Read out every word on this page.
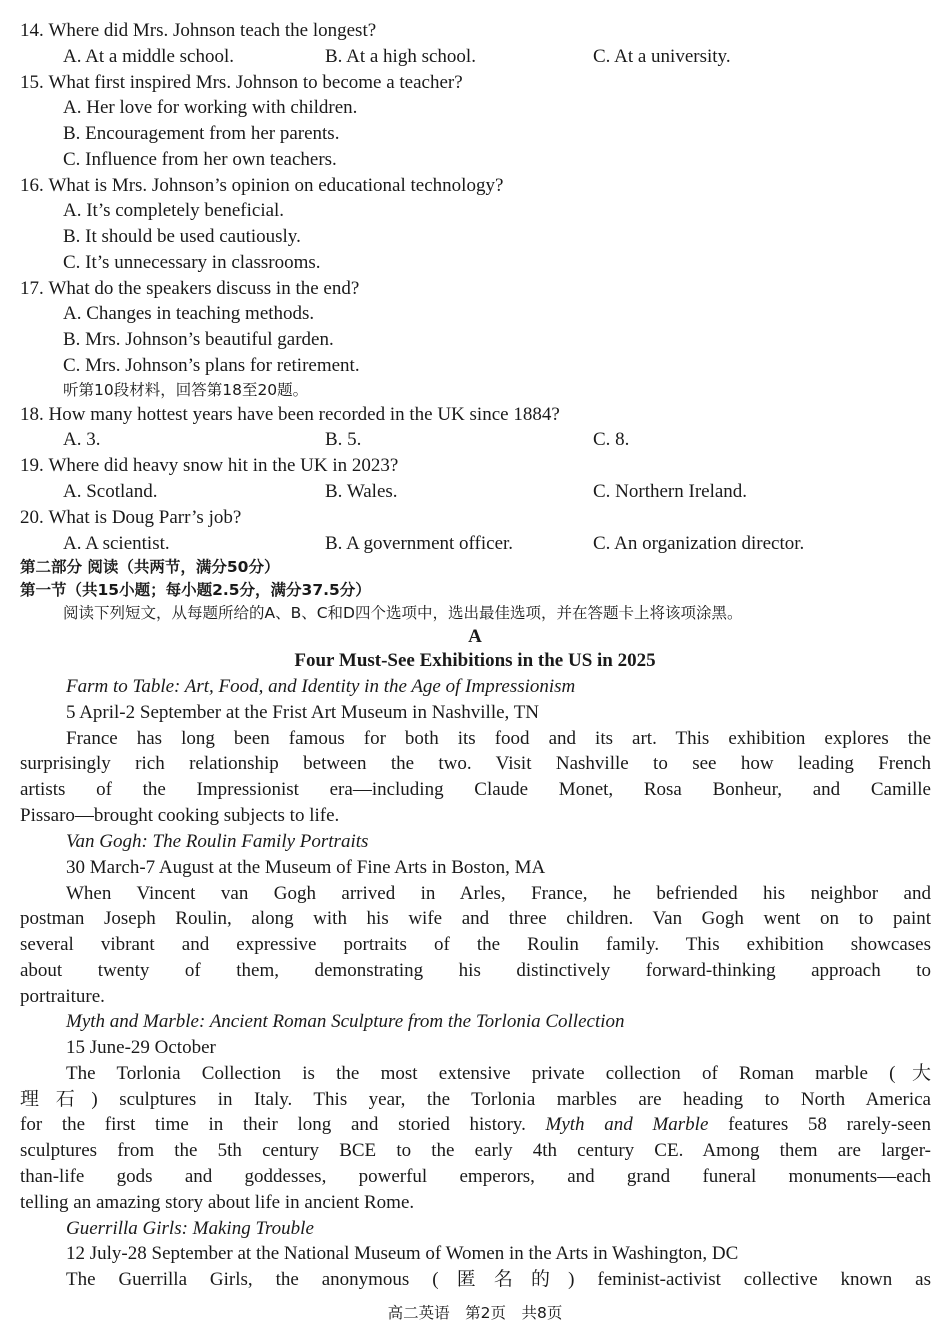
14. Where did Mrs. Johnson teach the longest?
A. At a middle school.	B. At a high school.	C. At a university.
15. What first inspired Mrs. Johnson to become a teacher?
A. Her love for working with children.
B. Encouragement from her parents.
C. Influence from her own teachers.
16. What is Mrs. Johnson’s opinion on educational technology?
A. It’s completely beneficial.
B. It should be used cautiously.
C. It’s unnecessary in classrooms.
17. What do the speakers discuss in the end?
A. Changes in teaching methods.
B. Mrs. Johnson’s beautiful garden.
C. Mrs. Johnson’s plans for retirement.
听第10段材料，回答第18至20题。
18. How many hottest years have been recorded in the UK since 1884?
A. 3.	B. 5.	C. 8.
19. Where did heavy snow hit in the UK in 2023?
A. Scotland.	B. Wales.	C. Northern Ireland.
20. What is Doug Parr’s job?
A. A scientist.	B. A government officer.	C. An organization director.
第二部分 阅读（共两节，满分50分）
第一节（共15小题；每小题2.5分，满分37.5分）
阅读下列短文，从每题所给的A、B、C和D四个选项中，选出最佳选项，并在答题卡上将该项涂黑。
A
Four Must-See Exhibitions in the US in 2025
Farm to Table: Art, Food, and Identity in the Age of Impressionism
5 April-2 September at the Frist Art Museum in Nashville, TN
France has long been famous for both its food and its art. This exhibition explores the
surprisingly rich relationship between the two. Visit Nashville to see how leading French
artists of the Impressionist era—including Claude Monet, Rosa Bonheur, and Camille
Pissaro—brought cooking subjects to life.
Van Gogh: The Roulin Family Portraits
30 March-7 August at the Museum of Fine Arts in Boston, MA
When Vincent van Gogh arrived in Arles, France, he befriended his neighbor and
postman Joseph Roulin, along with his wife and three children. Van Gogh went on to paint
several vibrant and expressive portraits of the Roulin family. This exhibition showcases
about twenty of them, demonstrating his distinctively forward-thinking approach to
portraiture.
Myth and Marble: Ancient Roman Sculpture from the Torlonia Collection
15 June-29 October
The Torlonia Collection is the most extensive private collection of Roman marble (大
理石) sculptures in Italy. This year, the Torlonia marbles are heading to North America
for the first time in their long and storied history. Myth and Marble features 58 rarely-seen
sculptures from the 5th century BCE to the early 4th century CE. Among them are larger-
than-life gods and goddesses, powerful emperors, and grand funeral monuments—each
telling an amazing story about life in ancient Rome.
Guerrilla Girls: Making Trouble
12 July-28 September at the National Museum of Women in the Arts in Washington, DC
The Guerrilla Girls, the anonymous (匿名的) feminist-activist collective known as
高二英语　第2页　共8页
